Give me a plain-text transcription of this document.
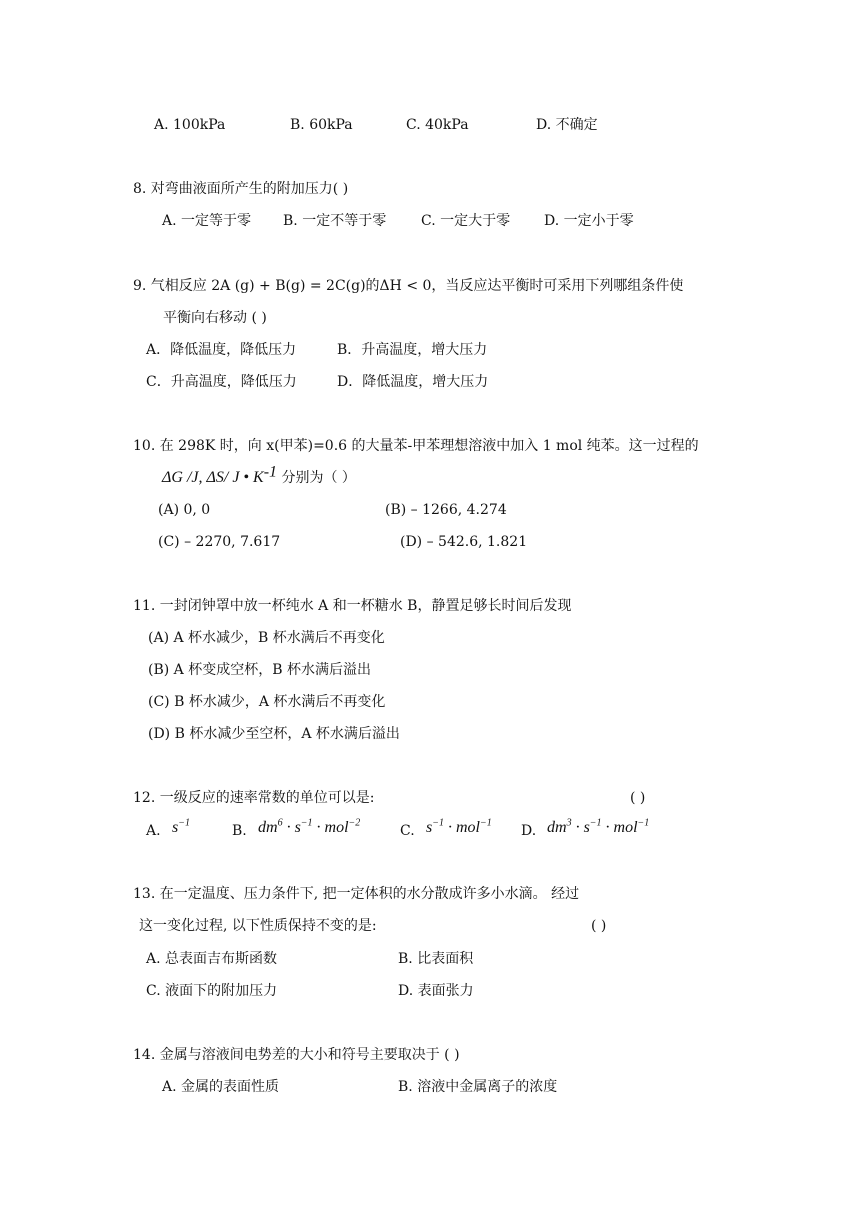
A. 100kPa	B. 60kPa	C. 40kPa	D. 不确定
8. 对弯曲液面所产生的附加压力( )
A. 一定等于零 B. 一定不等于零 C. 一定大于零 D. 一定小于零
9. 气相反应 2A (g) + B(g) = 2C(g)的ΔH < 0，当反应达平衡时可采用下列哪组条件使
平衡向右移动 ( )
A．降低温度，降低压力	B．升高温度，增大压力
C．升高温度，降低压力	D．降低温度，增大压力
10. 在 298K 时，向 x(甲苯)=0.6 的大量苯-甲苯理想溶液中加入 1 mol 纯苯。这一过程的
ΔG /J, ΔS/ J • $K^{-1}$ 分别为（ ）
(A) 0, 0	(B) – 1266, 4.274
(C) – 2270, 7.617	(D) – 542.6, 1.821
11. 一封闭钟罩中放一杯纯水 A 和一杯糖水 B，静置足够长时间后发现
(A) A 杯水减少，B 杯水满后不再变化
(B) A 杯变成空杯，B 杯水满后溢出
(C) B 杯水减少，A 杯水满后不再变化
(D) B 杯水减少至空杯，A 杯水满后溢出
12. 一级反应的速率常数的单位可以是:	( )
A. $s^{-1}$	B. $dm^6 \cdot s^{-1} \cdot mol^{-2}$	C. $s^{-1} \cdot mol^{-1}$ D. $dm^3 \cdot s^{-1} \cdot mol^{-1}$
13. 在一定温度、压力条件下, 把一定体积的水分散成许多小水滴。 经过
这一变化过程, 以下性质保持不变的是:	( )
A. 总表面吉布斯函数	B. 比表面积
C. 液面下的附加压力	D. 表面张力
14. 金属与溶液间电势差的大小和符号主要取决于 ( )
A. 金属的表面性质	B. 溶液中金属离子的浓度
